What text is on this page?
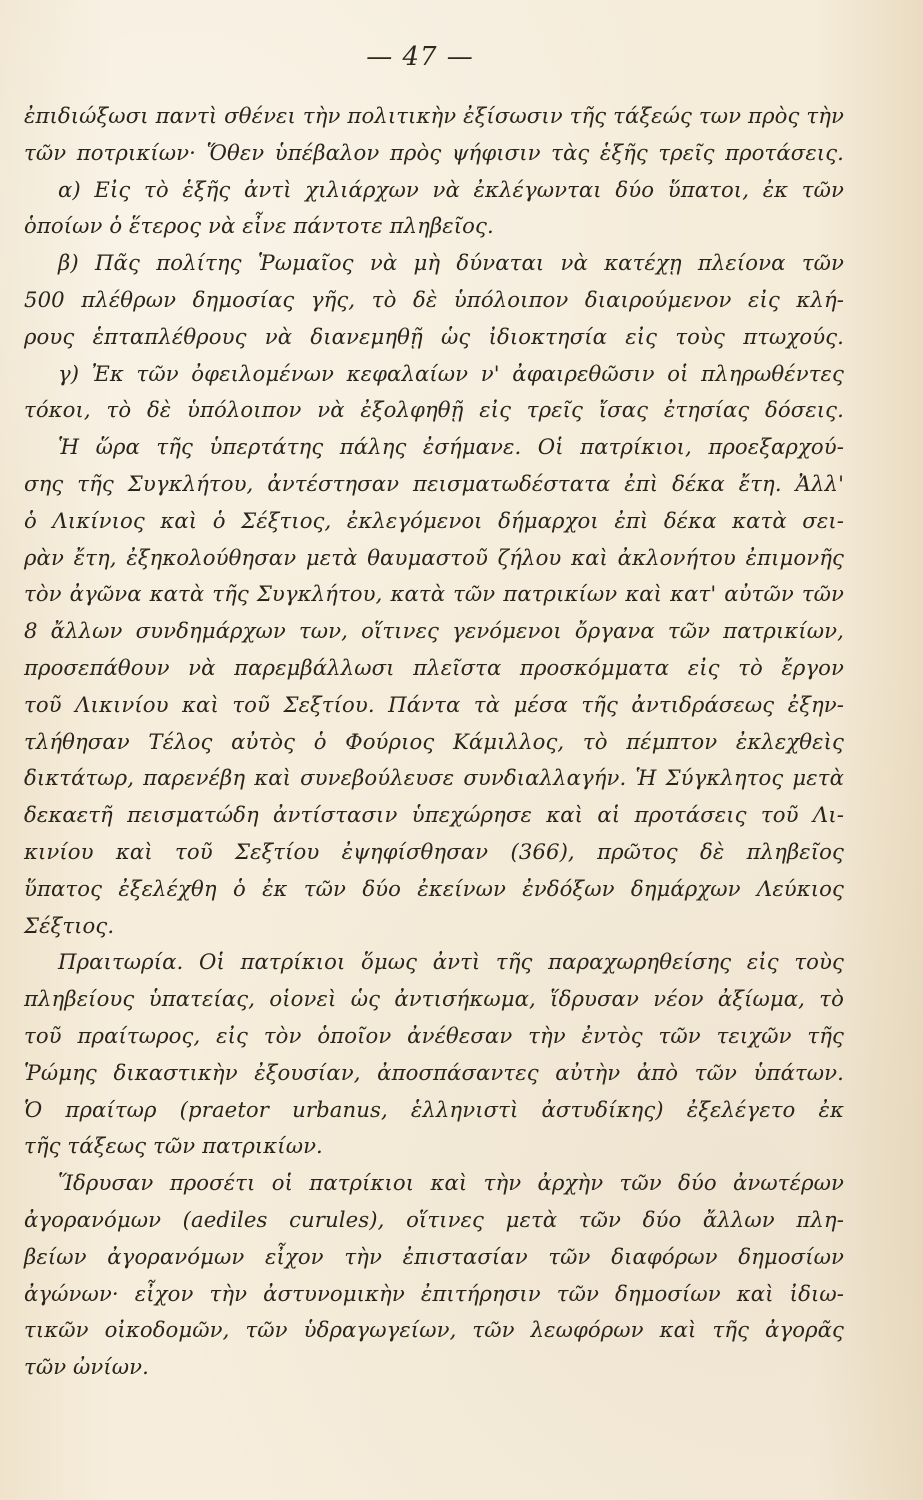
— 47 —
ἐπιδιώξωσι παντὶ σθένει τὴν πολιτικὴν ἐξίσωσιν τῆς τάξεώς των πρὸς τὴν
τῶν ποτρικίων· Ὅθεν ὑπέβαλον πρὸς ψήφισιν τὰς ἑξῆς τρεῖς προτάσεις.
α) Εἰς τὸ ἑξῆς ἀντὶ χιλιάρχων νὰ ἐκλέγωνται δύο ὕπατοι, ἐκ τῶν
ὁποίων ὁ ἕτερος νὰ εἶνε πάντοτε πληβεῖος.
β) Πᾶς πολίτης Ῥωμαῖος νὰ μὴ δύναται νὰ κατέχῃ πλείονα τῶν
500 πλέθρων δημοσίας γῆς, τὸ δὲ ὑπόλοιπον διαιρούμενον εἰς κλή-
ρους ἑπταπλέθρους νὰ διανεμηθῇ ὡς ἰδιοκτησία εἰς τοὺς πτωχούς.
γ) Ἐκ τῶν ὀφειλομένων κεφαλαίων ν' ἀφαιρεθῶσιν οἱ πληρωθέντες
τόκοι, τὸ δὲ ὑπόλοιπον νὰ ἐξολφηθῇ εἰς τρεῖς ἴσας ἐτησίας δόσεις.
Ἡ ὥρα τῆς ὑπερτάτης πάλης ἐσήμανε. Οἱ πατρίκιοι, προεξαρχού-
σης τῆς Συγκλήτου, ἀντέστησαν πεισματωδέστατα ἐπὶ δέκα ἔτη. Ἀλλ'
ὁ Λικίνιος καὶ ὁ Σέξτιος, ἐκλεγόμενοι δήμαρχοι ἐπὶ δέκα κατὰ σει-
ρὰν ἔτη, ἐξηκολούθησαν μετὰ θαυμαστοῦ ζήλου καὶ ἀκλονήτου ἐπιμονῆς
τὸν ἀγῶνα κατὰ τῆς Συγκλήτου, κατὰ τῶν πατρικίων καὶ κατ' αὐτῶν τῶν
8 ἄλλων συνδημάρχων των, οἵτινες γενόμενοι ὄργανα τῶν πατρικίων,
προσεπάθουν νὰ παρεμβάλλωσι πλεῖστα προσκόμματα εἰς τὸ ἔργον
τοῦ Λικινίου καὶ τοῦ Σεξτίου. Πάντα τὰ μέσα τῆς ἀντιδράσεως ἐξην-
τλήθησαν Τέλος αὐτὸς ὁ Φούριος Κάμιλλος, τὸ πέμπτον ἐκλεχθεὶς
δικτάτωρ, παρενέβη καὶ συνεβούλευσε συνδιαλλαγήν. Ἡ Σύγκλητος μετὰ
δεκαετῆ πεισματώδη ἀντίστασιν ὑπεχώρησε καὶ αἱ προτάσεις τοῦ Λι-
κινίου καὶ τοῦ Σεξτίου ἐψηφίσθησαν (366), πρῶτος δὲ πληβεῖος
ὕπατος ἐξελέχθη ὁ ἐκ τῶν δύο ἐκείνων ἐνδόξων δημάρχων Λεύκιος
Σέξτιος.
Πραιτωρία. Οἱ πατρίκιοι ὅμως ἀντὶ τῆς παραχωρηθείσης εἰς τοὺς
πληβείους ὑπατείας, οἱονεὶ ὡς ἀντισήκωμα, ἵδρυσαν νέον ἀξίωμα, τὸ
τοῦ πραίτωρος, εἰς τὸν ὁποῖον ἀνέθεσαν τὴν ἐντὸς τῶν τειχῶν τῆς
Ῥώμης δικαστικὴν ἐξουσίαν, ἀποσπάσαντες αὐτὴν ἀπὸ τῶν ὑπάτων.
Ὁ πραίτωρ (praetor urbanus, ἑλληνιστὶ ἀστυδίκης) ἐξελέγετο ἐκ
τῆς τάξεως τῶν πατρικίων.
Ἵδρυσαν προσέτι οἱ πατρίκιοι καὶ τὴν ἀρχὴν τῶν δύο ἀνωτέρων
ἀγορανόμων (aediles curules), οἵτινες μετὰ τῶν δύο ἄλλων πλη-
βείων ἀγορανόμων εἶχον τὴν ἐπιστασίαν τῶν διαφόρων δημοσίων
ἀγώνων· εἶχον τὴν ἀστυνομικὴν ἐπιτήρησιν τῶν δημοσίων καὶ ἰδιω-
τικῶν οἰκοδομῶν, τῶν ὑδραγωγείων, τῶν λεωφόρων καὶ τῆς ἀγορᾶς
τῶν ὠνίων.
